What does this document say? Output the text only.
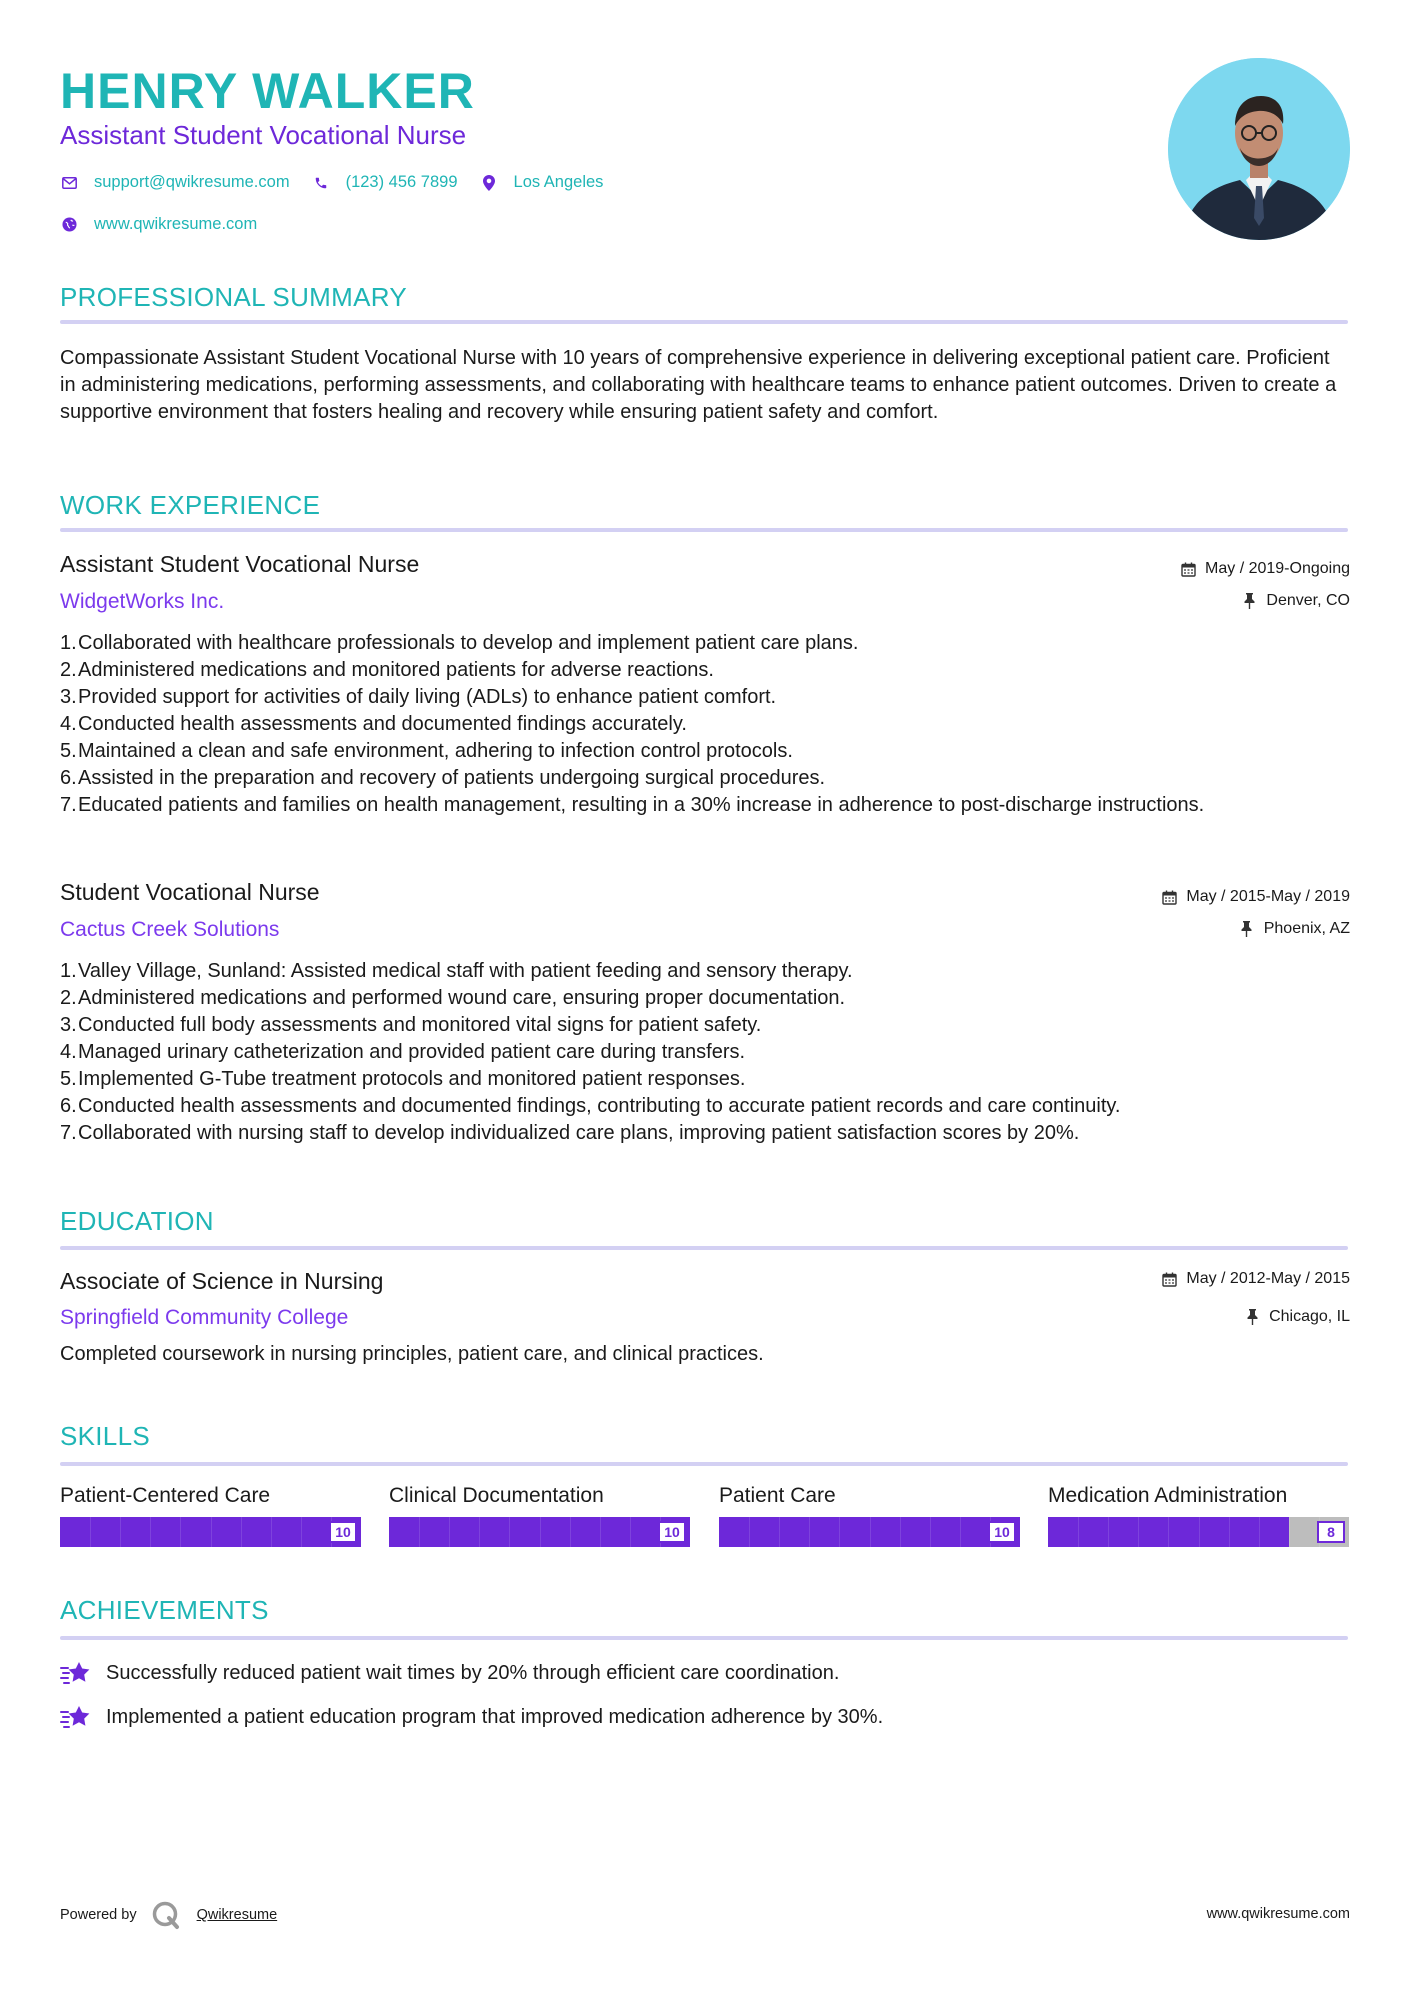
HENRY WALKER
Assistant Student Vocational Nurse
support@qwikresume.com	(123) 456 7899	Los Angeles
www.qwikresume.com
PROFESSIONAL SUMMARY

Compassionate Assistant Student Vocational Nurse with 10 years of comprehensive experience in delivering exceptional patient care. Proficient in administering medications, performing assessments, and collaborating with healthcare teams to enhance patient outcomes. Driven to create a supportive environment that fosters healing and recovery while ensuring patient safety and comfort.

WORK EXPERIENCE
Assistant Student Vocational Nurse
WidgetWorks Inc.
May / 2019-Ongoing
Denver, CO
Collaborated with healthcare professionals to develop and implement patient care plans.
Administered medications and monitored patients for adverse reactions.
Provided support for activities of daily living (ADLs) to enhance patient comfort.
Conducted health assessments and documented findings accurately.
Maintained a clean and safe environment, adhering to infection control protocols.
Assisted in the preparation and recovery of patients undergoing surgical procedures.
Educated patients and families on health management, resulting in a 30% increase in adherence to post-discharge instructions.
Student Vocational Nurse
Cactus Creek Solutions
May / 2015-May / 2019
Phoenix, AZ
Valley Village, Sunland: Assisted medical staff with patient feeding and sensory therapy.
Administered medications and performed wound care, ensuring proper documentation.
Conducted full body assessments and monitored vital signs for patient safety.
Managed urinary catheterization and provided patient care during transfers.
Implemented G-Tube treatment protocols and monitored patient responses.
Conducted health assessments and documented findings, contributing to accurate patient records and care continuity.
Collaborated with nursing staff to develop individualized care plans, improving patient satisfaction scores by 20%.
EDUCATION
Associate of Science in Nursing
Springfield Community College
May / 2012-May / 2015
Chicago, IL
Completed coursework in nursing principles, patient care, and clinical practices.
SKILLS
Patient-Centered Care
10
Clinical Documentation
10
Patient Care
10
Medication Administration
8
ACHIEVEMENTS
Successfully reduced patient wait times by 20% through efficient care coordination.
Implemented a patient education program that improved medication adherence by 30%.
Powered by	Qwikresume	www.qwikresume.com
